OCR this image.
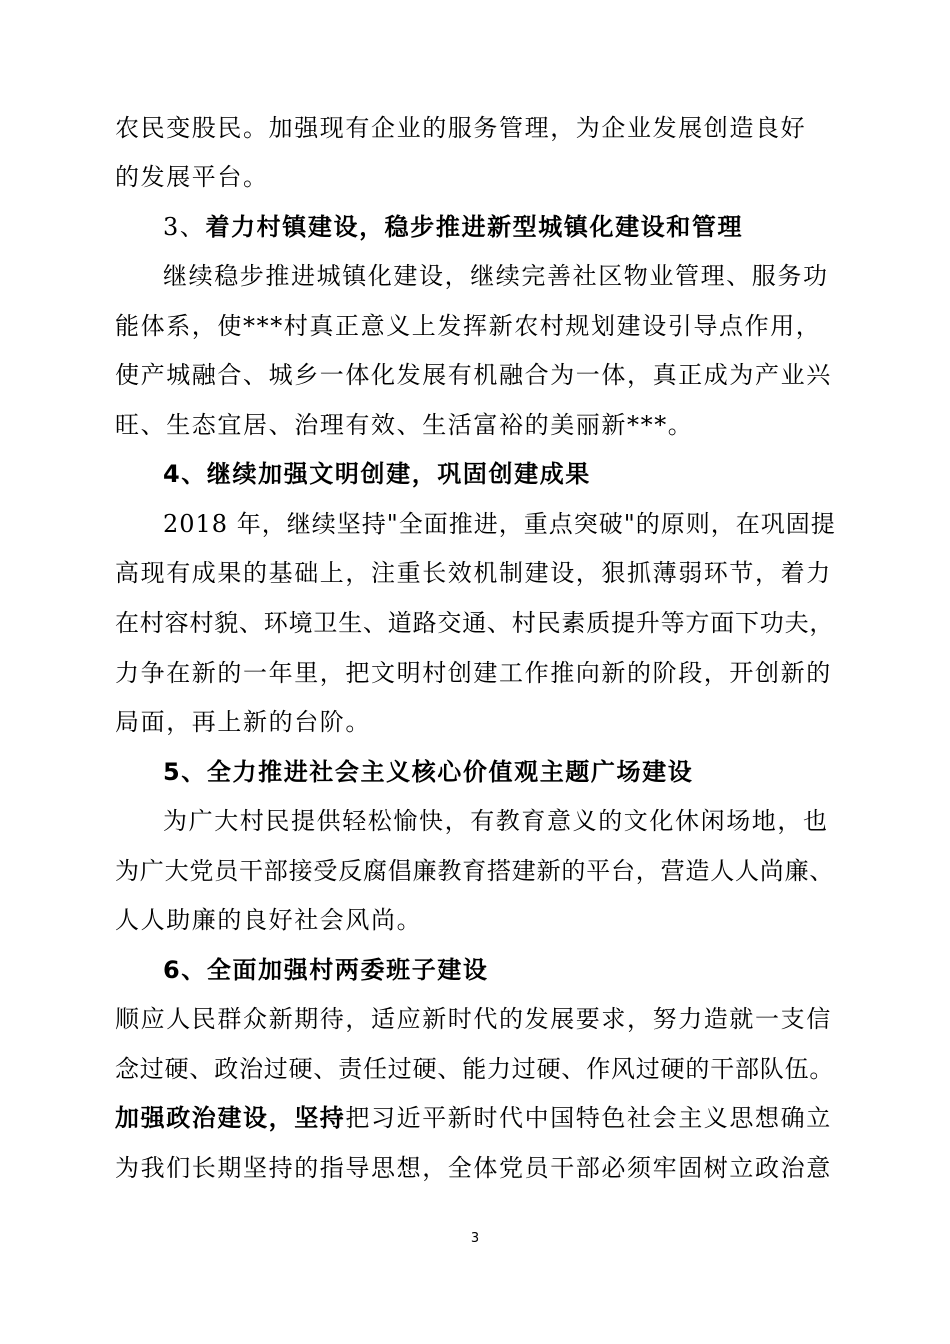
农民变股民。加强现有企业的服务管理，为企业发展创造良好

的发展平台。

3、着力村镇建设，稳步推进新型城镇化建设和管理

继续稳步推进城镇化建设，继续完善社区物业管理、服务功

能体系，使***村真正意义上发挥新农村规划建设引导点作用，

使产城融合、城乡一体化发展有机融合为一体，真正成为产业兴

旺、生态宜居、治理有效、生活富裕的美丽新***。

4、继续加强文明创建，巩固创建成果

2018 年，继续坚持"全面推进，重点突破"的原则，在巩固提

高现有成果的基础上，注重长效机制建设，狠抓薄弱环节，着力

在村容村貌、环境卫生、道路交通、村民素质提升等方面下功夫，

力争在新的一年里，把文明村创建工作推向新的阶段，开创新的

局面，再上新的台阶。

5、全力推进社会主义核心价值观主题广场建设

为广大村民提供轻松愉快，有教育意义的文化休闲场地，也

为广大党员干部接受反腐倡廉教育搭建新的平台，营造人人尚廉、

人人助廉的良好社会风尚。

6、全面加强村两委班子建设

顺应人民群众新期待，适应新时代的发展要求，努力造就一支信

念过硬、政治过硬、责任过硬、能力过硬、作风过硬的干部队伍。

加强政治建设，坚持把习近平新时代中国特色社会主义思想确立

为我们长期坚持的指导思想，全体党员干部必须牢固树立政治意

3
